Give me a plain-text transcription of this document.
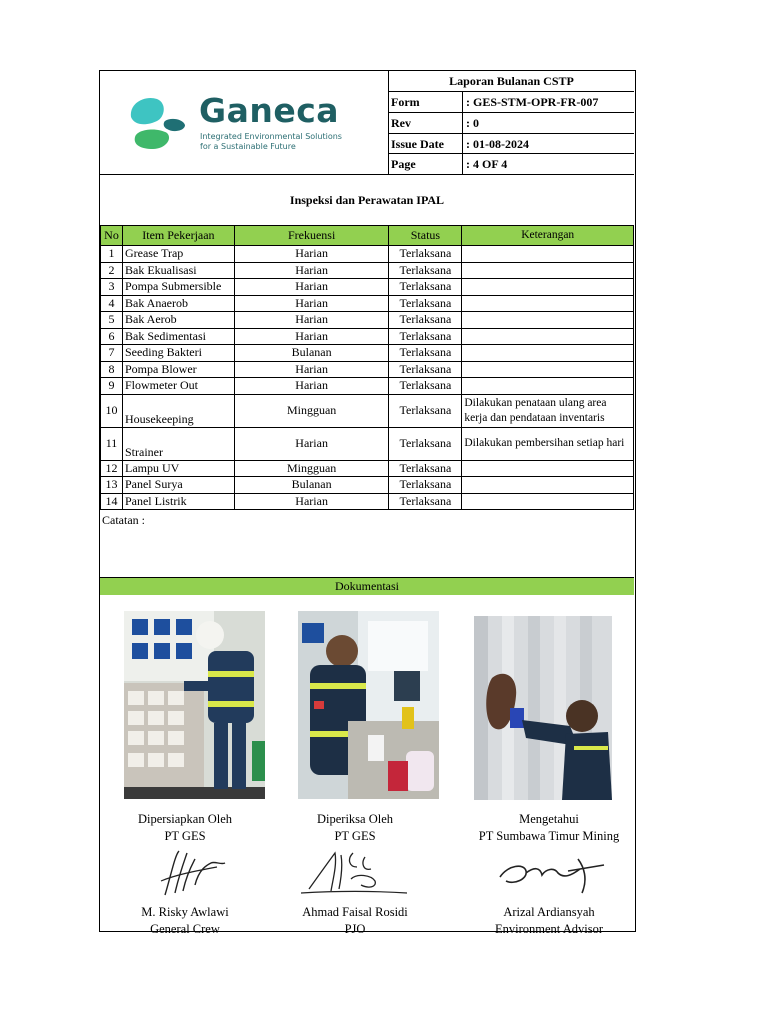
Ganeca
Integrated Environmental Solutions
for a Sustainable Future
Laporan Bulanan CSTP
Form	: GES-STM-OPR-FR-007
Rev	: 0
Issue Date	: 01-08-2024
Page	: 4 OF 4
Inspeksi dan Perawatan IPAL
No	Item Pekerjaan	Frekuensi	Status	Keterangan
1	Grease Trap	Harian	Terlaksana	
2	Bak Ekualisasi	Harian	Terlaksana	
3	Pompa Submersible	Harian	Terlaksana	
4	Bak Anaerob	Harian	Terlaksana	
5	Bak Aerob	Harian	Terlaksana	
6	Bak Sedimentasi	Harian	Terlaksana	
7	Seeding Bakteri	Bulanan	Terlaksana	
8	Pompa Blower	Harian	Terlaksana	
9	Flowmeter Out	Harian	Terlaksana	
10	Housekeeping	Mingguan	Terlaksana	Dilakukan penataan ulang area kerja dan pendataan inventaris
11	Strainer	Harian	Terlaksana	Dilakukan pembersihan setiap hari
12	Lampu UV	Mingguan	Terlaksana	
13	Panel Surya	Bulanan	Terlaksana	
14	Panel Listrik	Harian	Terlaksana	
Catatan :
Dokumentasi
Dipersiapkan Oleh
PT GES
M. Risky Awlawi
General Crew
Diperiksa Oleh
PT GES
Ahmad Faisal Rosidi
PJO
Mengetahui
PT Sumbawa Timur Mining
Arizal Ardiansyah
Environment Advisor
